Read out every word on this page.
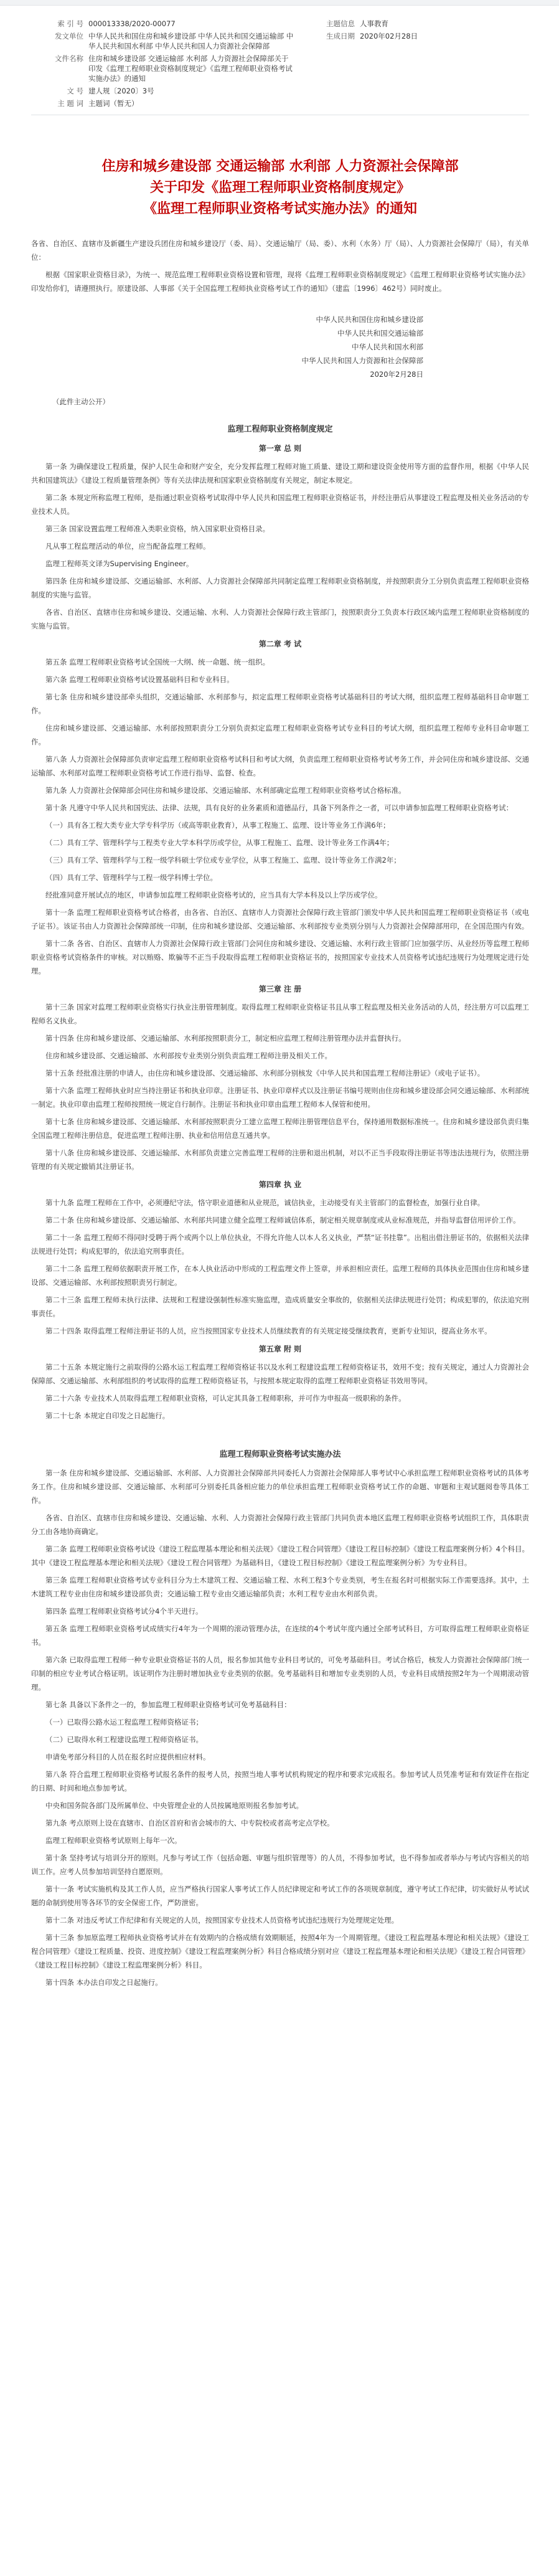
索 引 号	000013338/2020-00077	主题信息	人事教育
发文单位	中华人民共和国住房和城乡建设部 中华人民共和国交通运输部 中华人民共和国水利部 中华人民共和国人力资源社会保障部	生成日期	2020年02月28日
文件名称	住房和城乡建设部 交通运输部 水利部 人力资源社会保障部关于印发《监理工程师职业资格制度规定》《监理工程师职业资格考试实施办法》的通知		
文 号	建人规〔2020〕3号		
主 题 词	主题词（暂无）		
住房和城乡建设部 交通运输部 水利部 人力资源社会保障部
关于印发《监理工程师职业资格制度规定》
《监理工程师职业资格考试实施办法》的通知

各省、自治区、直辖市及新疆生产建设兵团住房和城乡建设厅（委、局）、交通运输厅（局、委）、水利（水务）厅（局）、人力资源社会保障厅（局），有关单位：

根据《国家职业资格目录》，为统一、规范监理工程师职业资格设置和管理，现将《监理工程师职业资格制度规定》《监理工程师职业资格考试实施办法》印发给你们，请遵照执行。原建设部、人事部《关于全国监理工程师执业资格考试工作的通知》（建监〔1996〕462号）同时废止。

中华人民共和国住房和城乡建设部

中华人民共和国交通运输部

中华人民共和国水利部

中华人民共和国人力资源和社会保障部

2020年2月28日

（此件主动公开）

监理工程师职业资格制度规定
第一章 总 则

第一条 为确保建设工程质量，保护人民生命和财产安全，充分发挥监理工程师对施工质量、建设工期和建设资金使用等方面的监督作用，根据《中华人民共和国建筑法》《建设工程质量管理条例》等有关法律法规和国家职业资格制度有关规定，制定本规定。

第二条 本规定所称监理工程师，是指通过职业资格考试取得中华人民共和国监理工程师职业资格证书，并经注册后从事建设工程监理及相关业务活动的专业技术人员。

第三条 国家设置监理工程师准入类职业资格，纳入国家职业资格目录。

凡从事工程监理活动的单位，应当配备监理工程师。

监理工程师英文译为Supervising Engineer。

第四条 住房和城乡建设部、交通运输部、水利部、人力资源社会保障部共同制定监理工程师职业资格制度，并按照职责分工分别负责监理工程师职业资格制度的实施与监管。

各省、自治区、直辖市住房和城乡建设、交通运输、水利、人力资源社会保障行政主管部门，按照职责分工负责本行政区域内监理工程师职业资格制度的实施与监管。

第二章 考 试

第五条 监理工程师职业资格考试全国统一大纲、统一命题、统一组织。

第六条 监理工程师职业资格考试设置基础科目和专业科目。

第七条 住房和城乡建设部牵头组织，交通运输部、水利部参与，拟定监理工程师职业资格考试基础科目的考试大纲，组织监理工程师基础科目命审题工作。

住房和城乡建设部、交通运输部、水利部按照职责分工分别负责拟定监理工程师职业资格考试专业科目的考试大纲，组织监理工程师专业科目命审题工作。

第八条 人力资源社会保障部负责审定监理工程师职业资格考试科目和考试大纲，负责监理工程师职业资格考试考务工作，并会同住房和城乡建设部、交通运输部、水利部对监理工程师职业资格考试工作进行指导、监督、检查。

第九条 人力资源社会保障部会同住房和城乡建设部、交通运输部、水利部确定监理工程师职业资格考试合格标准。

第十条 凡遵守中华人民共和国宪法、法律、法规，具有良好的业务素质和道德品行，具备下列条件之一者，可以申请参加监理工程师职业资格考试：

（一）具有各工程大类专业大学专科学历（或高等职业教育），从事工程施工、监理、设计等业务工作满6年；

（二）具有工学、管理科学与工程类专业大学本科学历或学位，从事工程施工、监理、设计等业务工作满4年；

（三）具有工学、管理科学与工程一级学科硕士学位或专业学位，从事工程施工、监理、设计等业务工作满2年；

（四）具有工学、管理科学与工程一级学科博士学位。

经批准同意开展试点的地区，申请参加监理工程师职业资格考试的，应当具有大学本科及以上学历或学位。

第十一条 监理工程师职业资格考试合格者，由各省、自治区、直辖市人力资源社会保障行政主管部门颁发中华人民共和国监理工程师职业资格证书（或电子证书）。该证书由人力资源社会保障部统一印制，住房和城乡建设部、交通运输部、水利部按专业类别分别与人力资源社会保障部用印，在全国范围内有效。

第十二条 各省、自治区、直辖市人力资源社会保障行政主管部门会同住房和城乡建设、交通运输、水利行政主管部门应加强学历、从业经历等监理工程师职业资格考试资格条件的审核。对以贿赂、欺骗等不正当手段取得监理工程师职业资格证书的，按照国家专业技术人员资格考试违纪违规行为处理规定进行处理。

第三章 注 册

第十三条 国家对监理工程师职业资格实行执业注册管理制度。取得监理工程师职业资格证书且从事工程监理及相关业务活动的人员，经注册方可以监理工程师名义执业。

第十四条 住房和城乡建设部、交通运输部、水利部按照职责分工，制定相应监理工程师注册管理办法并监督执行。

住房和城乡建设部、交通运输部、水利部按专业类别分别负责监理工程师注册及相关工作。

第十五条 经批准注册的申请人，由住房和城乡建设部、交通运输部、水利部分别核发《中华人民共和国监理工程师注册证》（或电子证书）。

第十六条 监理工程师执业时应当持注册证书和执业印章。注册证书、执业印章样式以及注册证书编号规则由住房和城乡建设部会同交通运输部、水利部统一制定。执业印章由监理工程师按照统一规定自行制作。注册证书和执业印章由监理工程师本人保管和使用。

第十七条 住房和城乡建设部、交通运输部、水利部按照职责分工建立监理工程师注册管理信息平台，保持通用数据标准统一。住房和城乡建设部负责归集全国监理工程师注册信息，促进监理工程师注册、执业和信用信息互通共享。

第十八条 住房和城乡建设部、交通运输部、水利部负责建立完善监理工程师的注册和退出机制，对以不正当手段取得注册证书等违法违规行为，依照注册管理的有关规定撤销其注册证书。

第四章 执 业

第十九条 监理工程师在工作中，必须遵纪守法，恪守职业道德和从业规范，诚信执业，主动接受有关主管部门的监督检查，加强行业自律。

第二十条 住房和城乡建设部、交通运输部、水利部共同建立健全监理工程师诚信体系，制定相关规章制度或从业标准规范，并指导监督信用评价工作。

第二十一条 监理工程师不得同时受聘于两个或两个以上单位执业，不得允许他人以本人名义执业，严禁“证书挂靠”。出租出借注册证书的，依据相关法律法规进行处罚；构成犯罪的，依法追究刑事责任。

第二十二条 监理工程师依据职责开展工作，在本人执业活动中形成的工程监理文件上签章，并承担相应责任。监理工程师的具体执业范围由住房和城乡建设部、交通运输部、水利部按照职责另行制定。

第二十三条 监理工程师未执行法律、法规和工程建设强制性标准实施监理，造成质量安全事故的，依据相关法律法规进行处罚；构成犯罪的，依法追究刑事责任。

第二十四条 取得监理工程师注册证书的人员，应当按照国家专业技术人员继续教育的有关规定接受继续教育，更新专业知识，提高业务水平。

第五章 附 则

第二十五条 本规定施行之前取得的公路水运工程监理工程师资格证书以及水利工程建设监理工程师资格证书，效用不变；按有关规定，通过人力资源社会保障部、交通运输部、水利部组织的考试取得的监理工程师资格证书，与按照本规定取得的监理工程师职业资格证书效用等同。

第二十六条 专业技术人员取得监理工程师职业资格，可认定其具备工程师职称，并可作为申报高一级职称的条件。

第二十七条 本规定自印发之日起施行。

监理工程师职业资格考试实施办法

第一条 住房和城乡建设部、交通运输部、水利部、人力资源社会保障部共同委托人力资源社会保障部人事考试中心承担监理工程师职业资格考试的具体考务工作。住房和城乡建设部、交通运输部、水利部可分别委托具备相应能力的单位承担监理工程师职业资格考试工作的命题、审题和主观试题阅卷等具体工作。

各省、自治区、直辖市住房和城乡建设、交通运输、水利、人力资源社会保障行政主管部门共同负责本地区监理工程师职业资格考试组织工作，具体职责分工由各地协商确定。

第二条 监理工程师职业资格考试设《建设工程监理基本理论和相关法规》《建设工程合同管理》《建设工程目标控制》《建设工程监理案例分析》4个科目。其中《建设工程监理基本理论和相关法规》《建设工程合同管理》为基础科目，《建设工程目标控制》《建设工程监理案例分析》为专业科目。

第三条 监理工程师职业资格考试专业科目分为土木建筑工程、交通运输工程、水利工程3个专业类别，考生在报名时可根据实际工作需要选择。其中，土木建筑工程专业由住房和城乡建设部负责；交通运输工程专业由交通运输部负责；水利工程专业由水利部负责。

第四条 监理工程师职业资格考试分4个半天进行。

第五条 监理工程师职业资格考试成绩实行4年为一个周期的滚动管理办法，在连续的4个考试年度内通过全部考试科目，方可取得监理工程师职业资格证书。

第六条 已取得监理工程师一种专业职业资格证书的人员，报名参加其他专业科目考试的，可免考基础科目。考试合格后，核发人力资源社会保障部门统一印制的相应专业考试合格证明。该证明作为注册时增加执业专业类别的依据。免考基础科目和增加专业类别的人员，专业科目成绩按照2年为一个周期滚动管理。

第七条 具备以下条件之一的，参加监理工程师职业资格考试可免考基础科目：

（一）已取得公路水运工程监理工程师资格证书；

（二）已取得水利工程建设监理工程师资格证书。

申请免考部分科目的人员在报名时应提供相应材料。

第八条 符合监理工程师职业资格考试报名条件的报考人员，按照当地人事考试机构规定的程序和要求完成报名。参加考试人员凭准考证和有效证件在指定的日期、时间和地点参加考试。

中央和国务院各部门及所属单位、中央管理企业的人员按属地原则报名参加考试。

第九条 考点原则上设在直辖市、自治区首府和省会城市的大、中专院校或者高考定点学校。

监理工程师职业资格考试原则上每年一次。

第十条 坚持考试与培训分开的原则。凡参与考试工作（包括命题、审题与组织管理等）的人员，不得参加考试，也不得参加或者举办与考试内容相关的培训工作。应考人员参加培训坚持自愿原则。

第十一条 考试实施机构及其工作人员，应当严格执行国家人事考试工作人员纪律规定和考试工作的各项规章制度，遵守考试工作纪律，切实做好从考试试题的命制到使用等各环节的安全保密工作，严防泄密。

第十二条 对违反考试工作纪律和有关规定的人员，按照国家专业技术人员资格考试违纪违规行为处理规定处理。

第十三条 参加原监理工程师执业资格考试并在有效期内的合格成绩有效期顺延，按照4年为一个周期管理。《建设工程监理基本理论和相关法规》《建设工程合同管理》《建设工程质量、投资、进度控制》《建设工程监理案例分析》科目合格成绩分别对应《建设工程监理基本理论和相关法规》《建设工程合同管理》《建设工程目标控制》《建设工程监理案例分析》科目。

第十四条 本办法自印发之日起施行。
